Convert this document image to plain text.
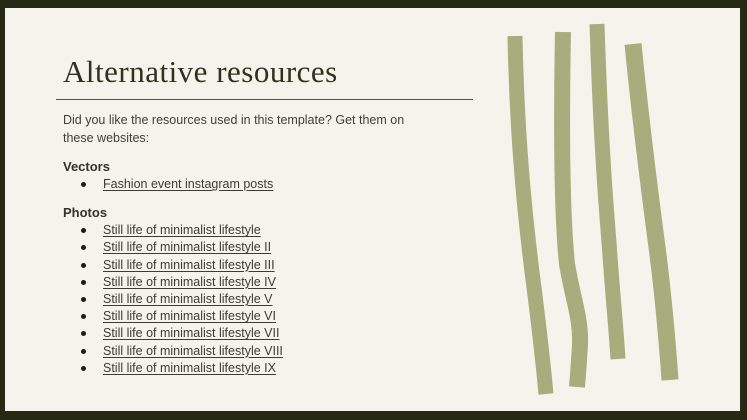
Alternative resources

Did you like the resources used in this template? Get them on these websites:

Vectors
Fashion event instagram posts
Photos
Still life of minimalist lifestyle
Still life of minimalist lifestyle II
Still life of minimalist lifestyle III
Still life of minimalist lifestyle IV
Still life of minimalist lifestyle V
Still life of minimalist lifestyle VI
Still life of minimalist lifestyle VII
Still life of minimalist lifestyle VIII
Still life of minimalist lifestyle IX
